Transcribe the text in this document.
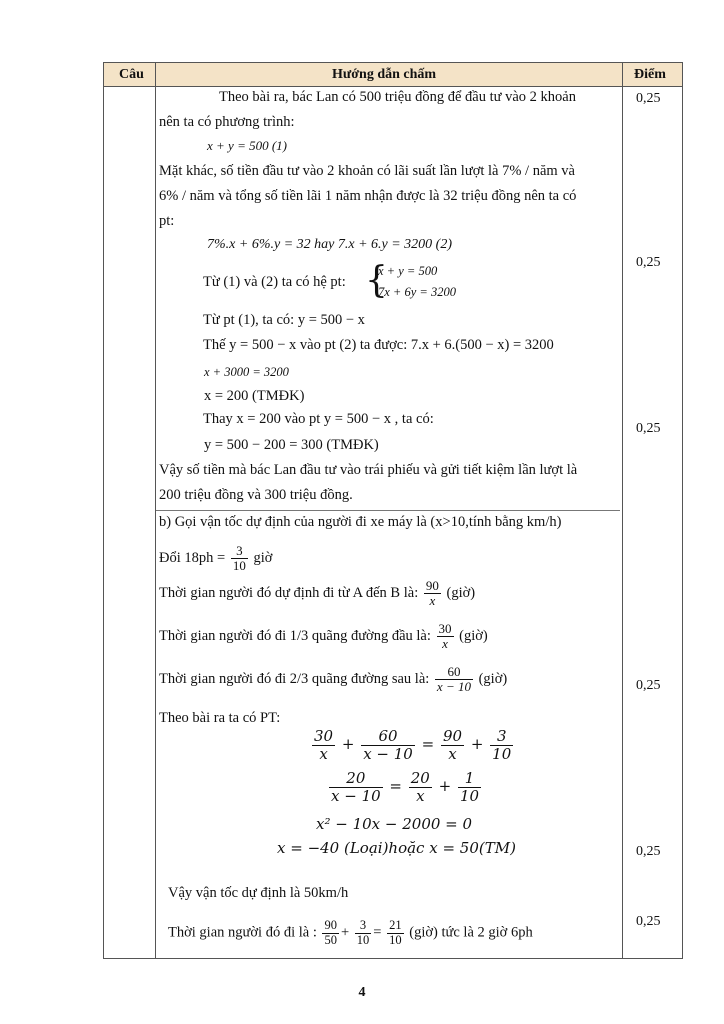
Câu	Hướng dẫn chấm	Điểm
Theo bài ra, bác Lan có 500 triệu đồng để đầu tư vào 2 khoản
nên ta có phương trình:
x + y = 500 (1)
Mặt khác, số tiền đầu tư vào 2 khoản có lãi suất lần lượt là 7% / năm và
6% / năm và tổng số tiền lãi 1 năm nhận được là 32 triệu đồng nên ta có
pt:
7%.x + 6%.y = 32 hay 7.x + 6.y = 3200 (2)
Từ (1) và (2) ta có hệ pt: {
x + y = 500
7x + 6y = 3200
Từ pt (1), ta có: y = 500 − x
Thế y = 500 − x vào pt (2) ta được: 7.x + 6.(500 − x) = 3200
x + 3000 = 3200
x = 200 (TMĐK)
Thay x = 200 vào pt y = 500 − x , ta có:
y = 500 − 200 = 300 (TMĐK)
Vậy số tiền mà bác Lan đầu tư vào trái phiếu và gửi tiết kiệm lần lượt là
200 triệu đồng và 300 triệu đồng.
b) Gọi vận tốc dự định của người đi xe máy là (x>10,tính bằng km/h)
Đổi $18ph = \frac{3}{10}$ giờ
Thời gian người đó dự định đi từ A đến B là: $\frac{90}{x}$ (giờ)
Thời gian người đó đi 1/3 quãng đường đầu là: $\frac{30}{x}$ (giờ)
Thời gian người đó đi 2/3 quãng đường sau là: $\frac{60}{x - 10}$ (giờ)
Theo bài ra ta có PT:
$\frac{30}{x} + \frac{60}{x - 10} = \frac{90}{x} + \frac{3}{10}$
$\frac{20}{x - 10} = \frac{20}{x} + \frac{1}{10}$
x² − 10x − 2000 = 0
x = −40 (Loại)hoặc x = 50(TM)
Vậy vận tốc dự định là 50km/h
Thời gian người đó đi là : $\frac{90}{50} + \frac{3}{10} = \frac{21}{10}$ (giờ) tức là 2 giờ 6ph
0,25
0,25
0,25
0,25
0,25
0,25
4
